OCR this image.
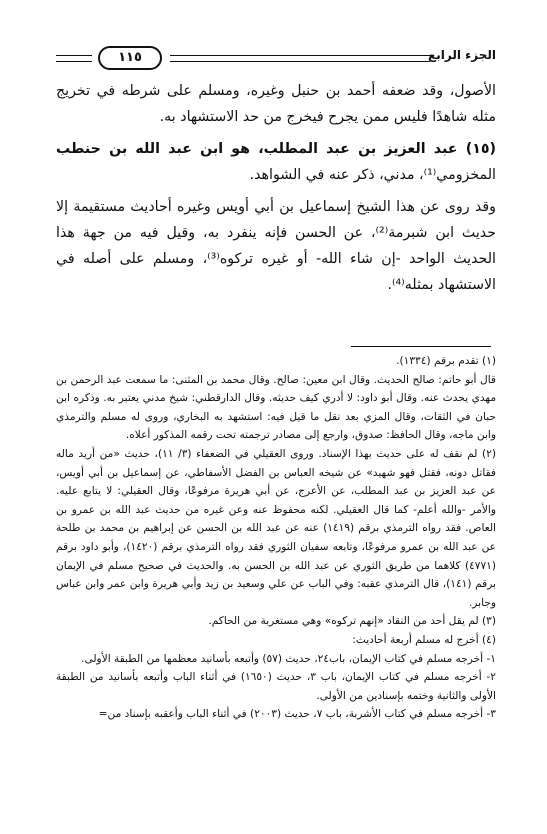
الجزء الرابع
١١٥

الأصول، وقد ضعفه أحمد بن حنبل وغيره، ومسلم على شرطه في تخريج مثله شاهدًا فليس ممن يجرح فيخرج من حد الاستشهاد به.

(١٥) عبد العزيز بن عبد المطلب، هو ابن عبد الله بن حنطب المخزومي⁽¹⁾، مدني، ذكر عنه في الشواهد.

وقد روى عن هذا الشيخ إسماعيل بن أبي أويس وغيره أحاديث مستقيمة إلا حديث ابن شبرمة⁽²⁾، عن الحسن فإنه ينفرد به، وقيل فيه من جهة هذا الحديث الواحد -إن شاء الله- أو غيره تركوه⁽³⁾، ومسلم على أصله في الاستشهاد بمثله⁽⁴⁾.

(١) تقدم برقم (١٣٣٤).

قال أبو حاتم: صالح الحديث. وقال ابن معين: صالح. وقال محمد بن المثنى: ما سمعت عبد الرحمن بن مهدي يحدث عنه. وقال أبو داود: لا أدري كيف حديثه. وقال الدارقطني: شيخ مدني يعتبر به. وذكره ابن حبان في الثقات، وقال المزي بعد نقل ما قيل فيه: استشهد به البخاري، وروى له مسلم والترمذي وابن ماجه، وقال الحافظ: صدوق، وارجع إلى مصادر ترجمته تحت رقمه المذكور أعلاه.

(٢) لم نقف له على حديث بهذا الإسناد. وروى العقيلي في الضعفاء (٣/ ١١)، حديث «من أريد ماله فقاتل دونه، فقتل فهو شهيد» عن شيخه العباس بن الفضل الأسفاطي، عن إسماعيل بن أبي أويس، عن عبد العزيز بن عبد المطلب، عن الأعرج، عن أبي هريرة مرفوعًا، وقال العقيلي: لا يتابع عليه. والأمر -والله أعلم- كما قال العقيلي. لكنه محفوظ عنه وعن غيره من حديث عبد الله بن عمرو بن العاص. فقد رواه الترمذي برقم (١٤١٩) عنه عن عبد الله بن الحسن عن إبراهيم بن محمد بن طلحة عن عبد الله بن عمرو مرفوعًا، وتابعه سفيان الثوري فقد رواه الترمذي برقم (١٤٢٠)، وأبو داود برقم (٤٧٧١) كلاهما من طريق الثوري عن عبد الله بن الحسن به. والحديث في صحيح مسلم في الإيمان برقم (١٤١)، قال الترمذي عقبه: وفي الباب عن علي وسعيد بن زيد وأبي هريرة وابن عمر وابن عباس وجابر.

(٣) لم يقل أحد من النقاد «إنهم تركوه» وهي مستغربة من الحاكم.

(٤) أخرج له مسلم أربعة أحاديث:

١- أخرجه مسلم في كتاب الإيمان، باب٢٤، حديث (٥٧) وأتبعه بأسانيد معظمها من الطبقة الأولى.

٢- أخرجه مسلم في كتاب الإيمان، باب ٣، حديث (١٦٥٠) في أثناء الباب وأتبعه بأسانيد من الطبقة الأولى والثانية وختمه بإسنادين من الأولى.

٣- أخرجه مسلم في كتاب الأشربة، باب ٧، حديث (٢٠٠٣) في أثناء الباب وأعقبه بإسناد من=
